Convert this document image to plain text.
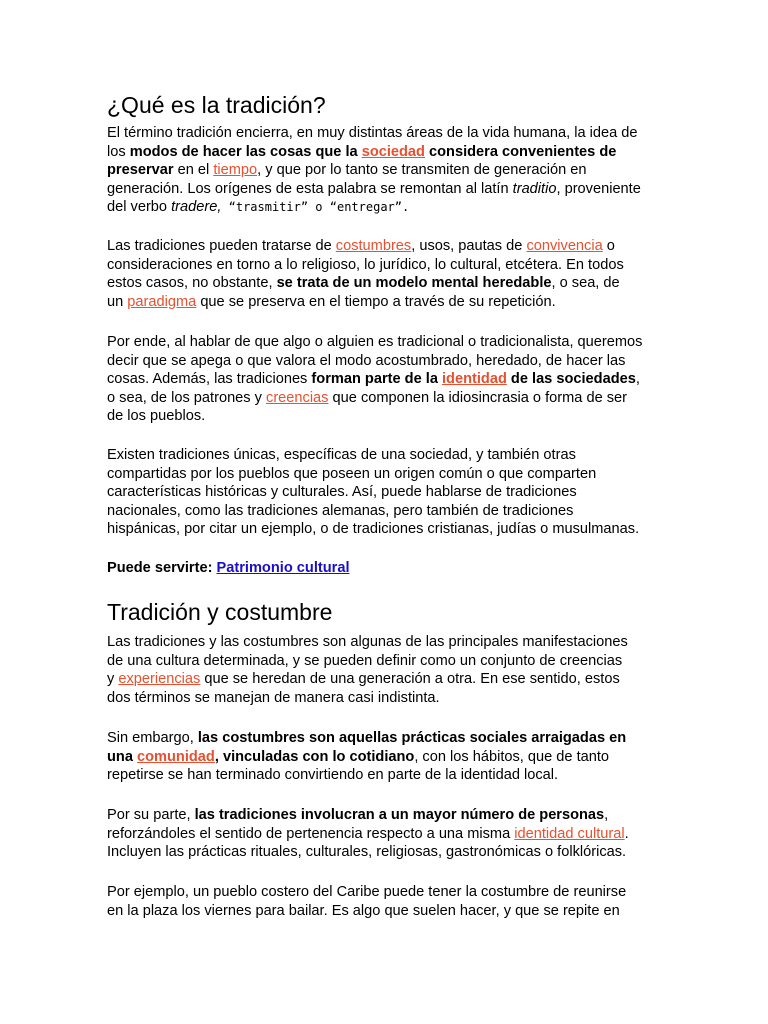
¿Qué es la tradición?
El término tradición encierra, en muy distintas áreas de la vida humana, la idea de
los modos de hacer las cosas que la sociedad considera convenientes de
preservar en el tiempo, y que por lo tanto se transmiten de generación en
generación. Los orígenes de esta palabra se remontan al latín traditio, proveniente
del verbo tradere, “trasmitir” o “entregar”.
Las tradiciones pueden tratarse de costumbres, usos, pautas de convivencia o
consideraciones en torno a lo religioso, lo jurídico, lo cultural, etcétera. En todos
estos casos, no obstante, se trata de un modelo mental heredable, o sea, de
un paradigma que se preserva en el tiempo a través de su repetición.
Por ende, al hablar de que algo o alguien es tradicional o tradicionalista, queremos
decir que se apega o que valora el modo acostumbrado, heredado, de hacer las
cosas. Además, las tradiciones forman parte de la identidad de las sociedades,
o sea, de los patrones y creencias que componen la idiosincrasia o forma de ser
de los pueblos.
Existen tradiciones únicas, específicas de una sociedad, y también otras
compartidas por los pueblos que poseen un origen común o que comparten
características históricas y culturales. Así, puede hablarse de tradiciones
nacionales, como las tradiciones alemanas, pero también de tradiciones
hispánicas, por citar un ejemplo, o de tradiciones cristianas, judías o musulmanas.
Puede servirte: Patrimonio cultural
Tradición y costumbre
Las tradiciones y las costumbres son algunas de las principales manifestaciones
de una cultura determinada, y se pueden definir como un conjunto de creencias
y experiencias que se heredan de una generación a otra. En ese sentido, estos
dos términos se manejan de manera casi indistinta.
Sin embargo, las costumbres son aquellas prácticas sociales arraigadas en
una comunidad, vinculadas con lo cotidiano, con los hábitos, que de tanto
repetirse se han terminado convirtiendo en parte de la identidad local.
Por su parte, las tradiciones involucran a un mayor número de personas,
reforzándoles el sentido de pertenencia respecto a una misma identidad cultural.
Incluyen las prácticas rituales, culturales, religiosas, gastronómicas o folklóricas.
Por ejemplo, un pueblo costero del Caribe puede tener la costumbre de reunirse
en la plaza los viernes para bailar. Es algo que suelen hacer, y que se repite en
